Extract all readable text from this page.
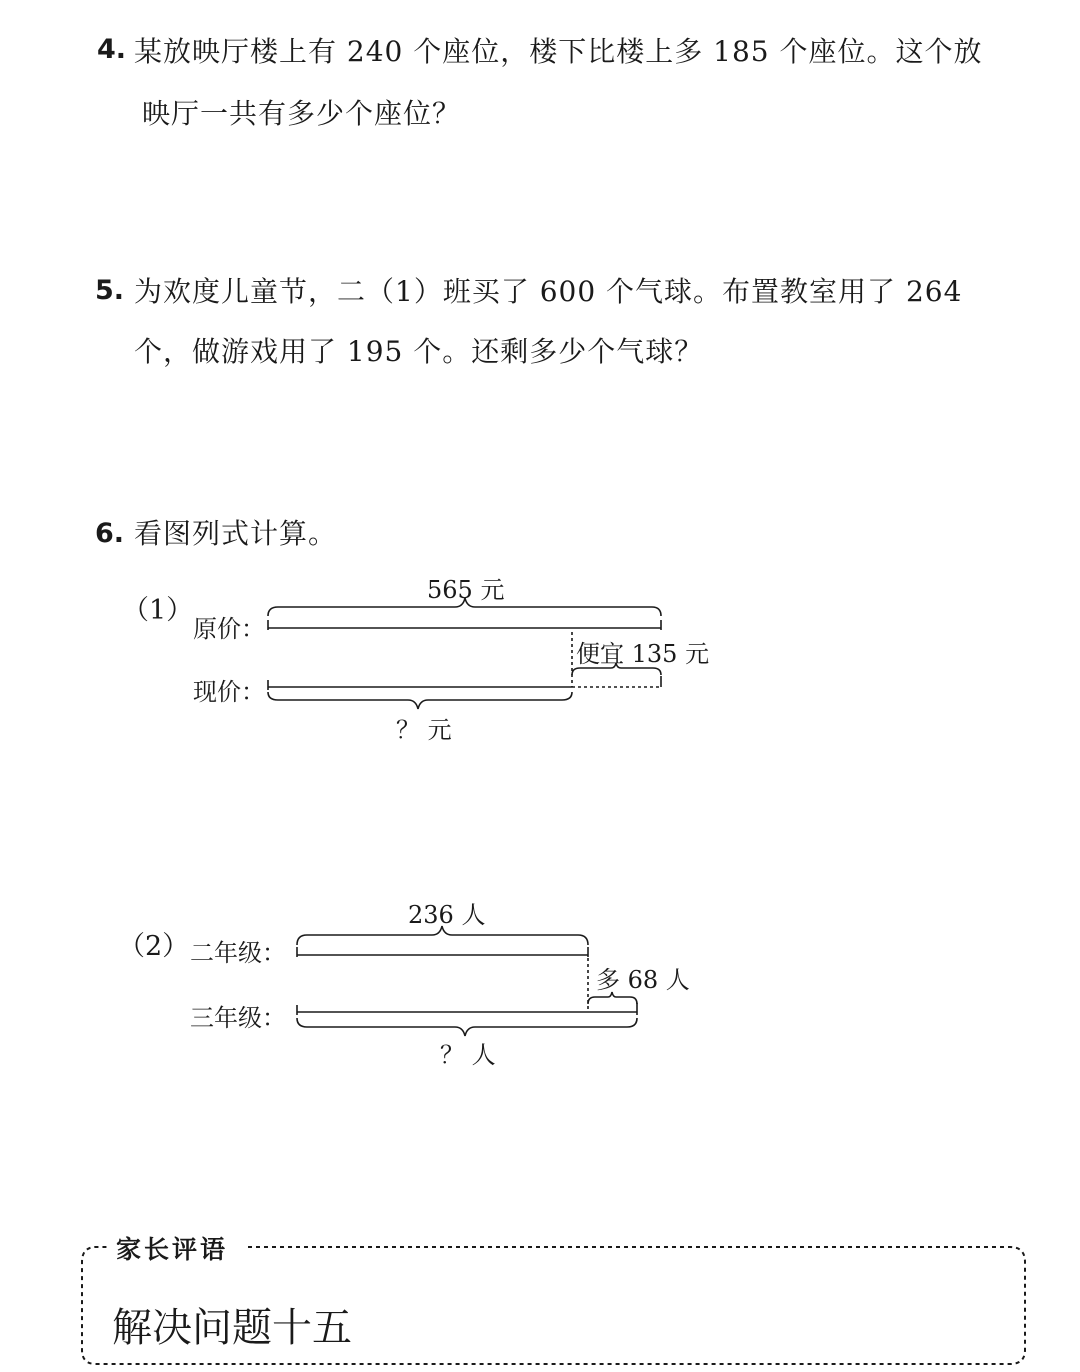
4. 某放映厅楼上有 240 个座位，楼下比楼上多 185 个座位。这个放
映厅一共有多少个座位？
5. 为欢度儿童节，二（1）班买了 600 个气球。布置教室用了 264
个，做游戏用了 195 个。还剩多少个气球？
6. 看图列式计算。
（1）
原价：
现价：
565 元
便宜 135 元
？ 元
（2） 二年级：
三年级：
236 人
多 68 人
？ 人
家长评语
解决问题十五
